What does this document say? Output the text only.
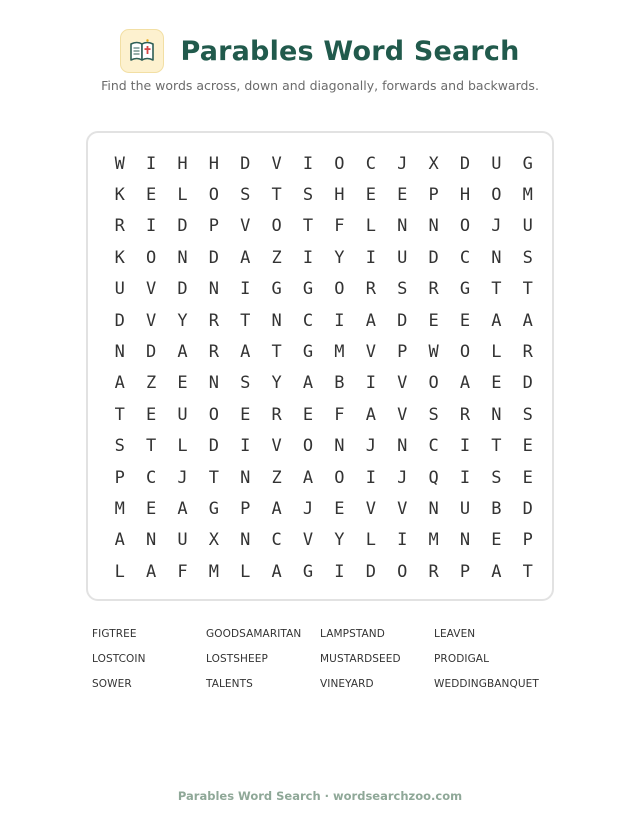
Parables Word Search
Find the words across, down and diagonally, forwards and backwards.
W	I	H	H	D	V	I	O	C	J	X	D	U	G
K	E	L	O	S	T	S	H	E	E	P	H	O	M
R	I	D	P	V	O	T	F	L	N	N	O	J	U
K	O	N	D	A	Z	I	Y	I	U	D	C	N	S
U	V	D	N	I	G	G	O	R	S	R	G	T	T
D	V	Y	R	T	N	C	I	A	D	E	E	A	A
N	D	A	R	A	T	G	M	V	P	W	O	L	R
A	Z	E	N	S	Y	A	B	I	V	O	A	E	D
T	E	U	O	E	R	E	F	A	V	S	R	N	S
S	T	L	D	I	V	O	N	J	N	C	I	T	E
P	C	J	T	N	Z	A	O	I	J	Q	I	S	E
M	E	A	G	P	A	J	E	V	V	N	U	B	D
A	N	U	X	N	C	V	Y	L	I	M	N	E	P
L	A	F	M	L	A	G	I	D	O	R	P	A	T
FIGTREE	GOODSAMARITAN	LAMPSTAND	LEAVEN
LOSTCOIN	LOSTSHEEP	MUSTARDSEED	PRODIGAL
SOWER	TALENTS	VINEYARD	WEDDINGBANQUET
Parables Word Search · wordsearchzoo.com
